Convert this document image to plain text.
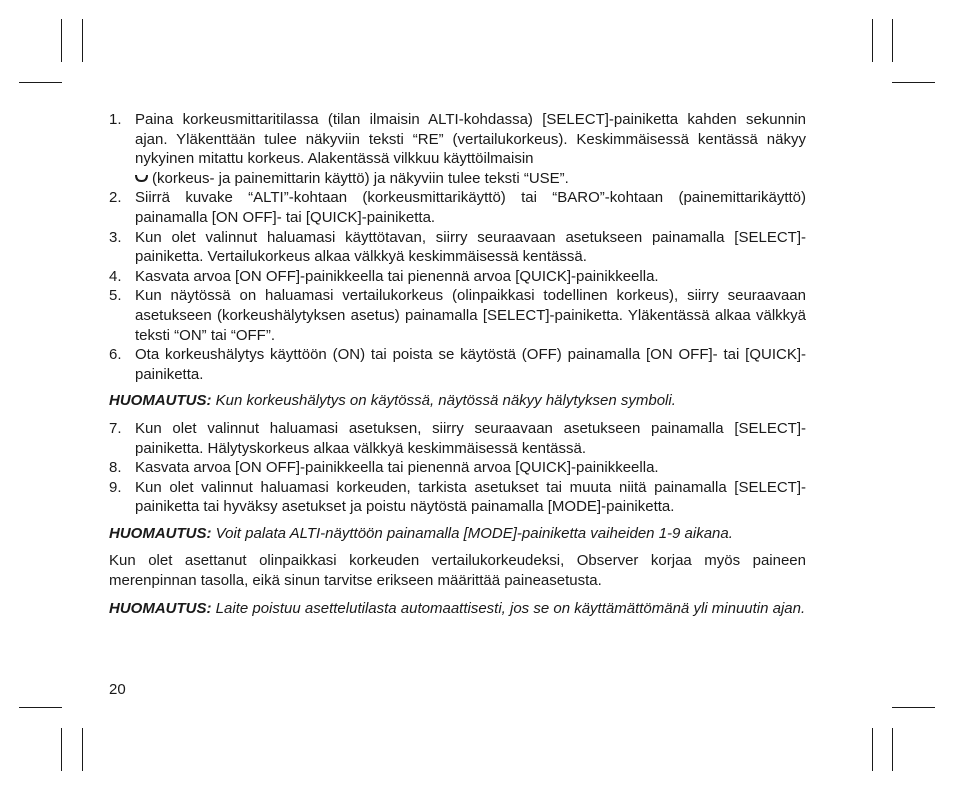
1. Paina korkeusmittaritilassa (tilan ilmaisin ALTI-kohdassa) [SELECT]-painiketta kahden sekunnin ajan. Yläkenttään tulee näkyviin teksti “RE” (vertailukorkeus). Keskimmäisessä kentässä näkyy nykyinen mitattu korkeus. Alakentässä vilkkuu käyttöilmaisin
(korkeus- ja painemittarin käyttö) ja näkyviin tulee teksti “USE”.
2. Siirrä kuvake “ALTI”-kohtaan (korkeusmittarikäyttö) tai “BARO”-kohtaan (painemittarikäyttö) painamalla [ON OFF]- tai [QUICK]-painiketta.
3. Kun olet valinnut haluamasi käyttötavan, siirry seuraavaan asetukseen painamalla [SELECT]-painiketta. Vertailukorkeus alkaa välkkyä keskimmäisessä kentässä.
4. Kasvata arvoa [ON OFF]-painikkeella tai pienennä arvoa [QUICK]-painikkeella.
5. Kun näytössä on haluamasi vertailukorkeus (olinpaikkasi todellinen korkeus), siirry seuraavaan asetukseen (korkeushälytyksen asetus) painamalla [SELECT]-painiketta. Yläkentässä alkaa välkkyä teksti “ON” tai “OFF”.
6. Ota korkeushälytys käyttöön (ON) tai poista se käytöstä (OFF) painamalla [ON OFF]- tai [QUICK]-painiketta.

HUOMAUTUS: Kun korkeushälytys on käytössä, näytössä näkyy hälytyksen symboli.

7. Kun olet valinnut haluamasi asetuksen, siirry seuraavaan asetukseen painamalla [SELECT]-painiketta. Hälytyskorkeus alkaa välkkyä keskimmäisessä kentässä.
8. Kasvata arvoa [ON OFF]-painikkeella tai pienennä arvoa [QUICK]-painikkeella.
9. Kun olet valinnut haluamasi korkeuden, tarkista asetukset tai muuta niitä painamalla [SELECT]-painiketta tai hyväksy asetukset ja poistu näytöstä painamalla [MODE]-painiketta.

HUOMAUTUS: Voit palata ALTI-näyttöön painamalla [MODE]-painiketta vaiheiden 1-9 aikana.

Kun olet asettanut olinpaikkasi korkeuden vertailukorkeudeksi, Observer korjaa myös paineen merenpinnan tasolla, eikä sinun tarvitse erikseen määrittää paineasetusta.

HUOMAUTUS: Laite poistuu asettelutilasta automaattisesti, jos se on käyttämättömänä yli minuutin ajan.

20
